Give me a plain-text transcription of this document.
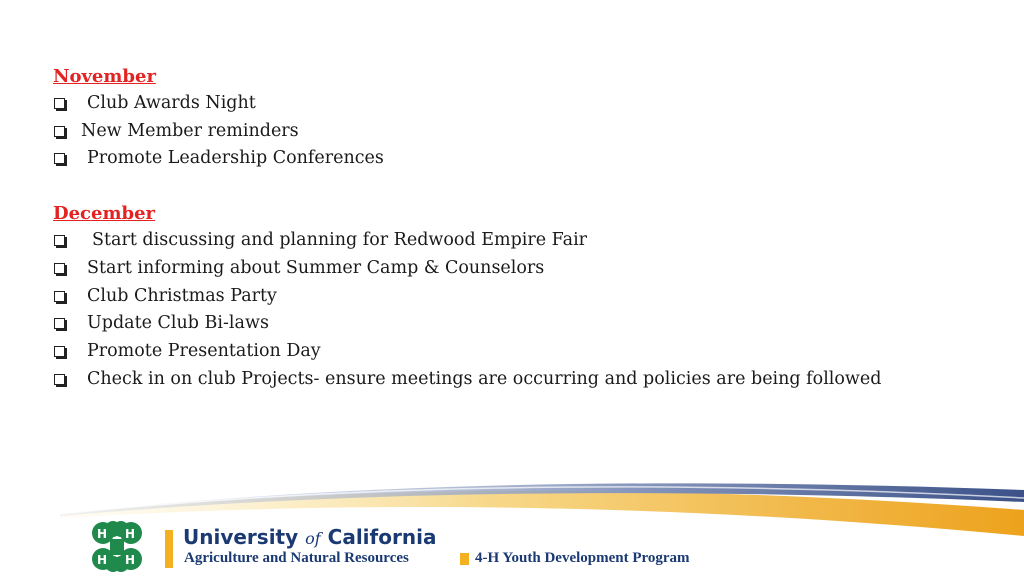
November
Club Awards Night
New Member reminders
Promote Leadership Conferences
December
Start discussing and planning for Redwood Empire Fair
Start informing about Summer Camp & Counselors
Club Christmas Party
Update Club Bi-laws
Promote Presentation Day
Check in on club Projects- ensure meetings are occurring and policies are being followed
H H
H H
University of California
Agriculture and Natural Resources	4-H Youth Development Program
